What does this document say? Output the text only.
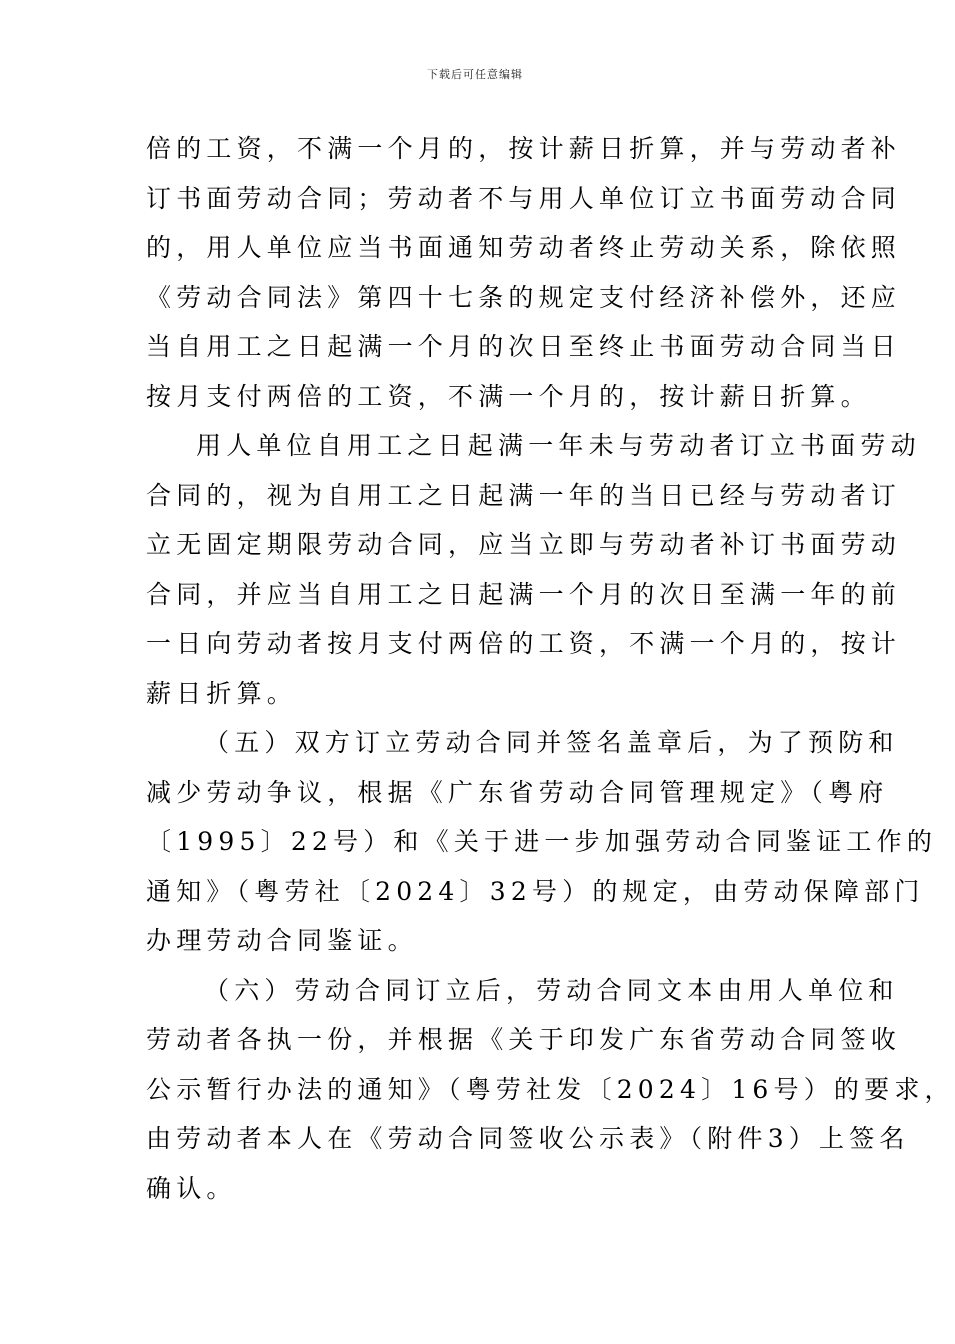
下载后可任意编辑

倍的工资，不满一个月的，按计薪日折算，并与劳动者补
订书面劳动合同；劳动者不与用人单位订立书面劳动合同
的，用人单位应当书面通知劳动者终止劳动关系，除依照
《劳动合同法》第四十七条的规定支付经济补偿外，还应
当自用工之日起满一个月的次日至终止书面劳动合同当日
按月支付两倍的工资，不满一个月的，按计薪日折算。

用人单位自用工之日起满一年未与劳动者订立书面劳动
合同的，视为自用工之日起满一年的当日已经与劳动者订
立无固定期限劳动合同，应当立即与劳动者补订书面劳动
合同，并应当自用工之日起满一个月的次日至满一年的前
一日向劳动者按月支付两倍的工资，不满一个月的，按计
薪日折算。

（五）双方订立劳动合同并签名盖章后，为了预防和
减少劳动争议，根据《广东省劳动合同管理规定》（粤府
〔1995〕22号）和《关于进一步加强劳动合同鉴证工作的
通知》（粤劳社〔2024〕32号）的规定，由劳动保障部门
办理劳动合同鉴证。

（六）劳动合同订立后，劳动合同文本由用人单位和
劳动者各执一份，并根据《关于印发广东省劳动合同签收
公示暂行办法的通知》（粤劳社发〔2024〕16号）的要求，
由劳动者本人在《劳动合同签收公示表》（附件3）上签名
确认。
